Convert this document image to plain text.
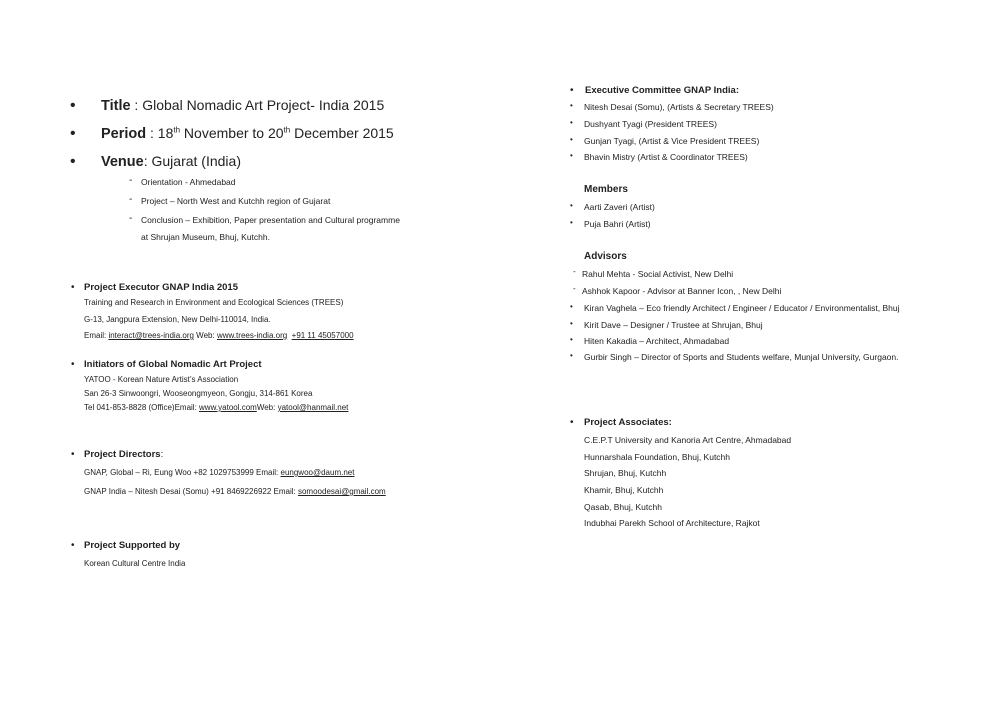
• Title : Global Nomadic Art Project- India 2015
• Period : 18th November to 20th December 2015
• Venue: Gujarat (India)
- Orientation - Ahmedabad
- Project – North West and Kutchh region of Gujarat
- Conclusion – Exhibition, Paper presentation and Cultural programme
at Shrujan Museum, Bhuj, Kutchh.
• Project Executor GNAP India 2015
Training and Research in Environment and Ecological Sciences (TREES)
G-13, Jangpura Extension, New Delhi-110014, India.
Email: interact@trees-india.org Web: www.trees-india.org +91 11 45057000
• Initiators of Global Nomadic Art Project
YATOO - Korean Nature Artist’s Association
San 26-3 Sinwoongri, Wooseongmyeon, Gongju, 314-861 Korea
Tel 041-853-8828 (Office)Email: www.yatool.comWeb: yatool@hanmail.net
• Project Directors:
GNAP, Global – Ri, Eung Woo +82 1029753999 Email: eungwoo@daum.net
GNAP India – Nitesh Desai (Somu) +91 8469226922 Email: somoodesai@gmail.com
• Project Supported by
Korean Cultural Centre India
• Executive Committee GNAP India:
• Nitesh Desai (Somu), (Artists & Secretary TREES)
• Dushyant Tyagi (President TREES)
• Gunjan Tyagi, (Artist & Vice President TREES)
• Bhavin Mistry (Artist & Coordinator TREES)
Members
• Aarti Zaveri (Artist)
• Puja Bahri (Artist)
Advisors
- Rahul Mehta - Social Activist, New Delhi
- Ashhok Kapoor - Advisor at Banner Icon, , New Delhi
• Kiran Vaghela – Eco friendly Architect / Engineer / Educator / Environmentalist, Bhuj
• Kirit Dave – Designer / Trustee at Shrujan, Bhuj
• Hiten Kakadia – Architect, Ahmadabad
• Gurbir Singh – Director of Sports and Students welfare, Munjal University, Gurgaon.
• Project Associates:
C.E.P.T University and Kanoria Art Centre, Ahmadabad
Hunnarshala Foundation, Bhuj, Kutchh
Shrujan, Bhuj, Kutchh
Khamir, Bhuj, Kutchh
Qasab, Bhuj, Kutchh
Indubhai Parekh School of Architecture, Rajkot
